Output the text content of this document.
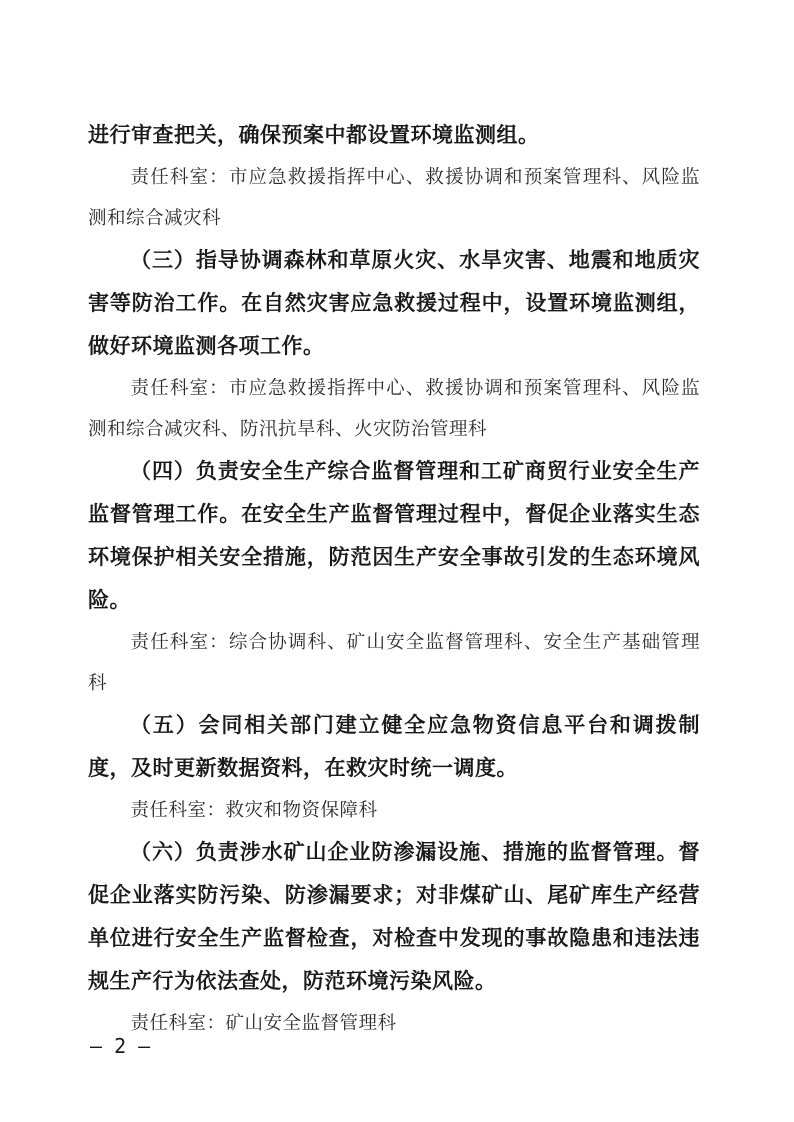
进行审查把关，确保预案中都设置环境监测组。

责任科室：市应急救援指挥中心、救援协调和预案管理科、风险监测和综合减灾科

（三）指导协调森林和草原火灾、水旱灾害、地震和地质灾害等防治工作。在自然灾害应急救援过程中，设置环境监测组，做好环境监测各项工作。

责任科室：市应急救援指挥中心、救援协调和预案管理科、风险监测和综合减灾科、防汛抗旱科、火灾防治管理科

（四）负责安全生产综合监督管理和工矿商贸行业安全生产监督管理工作。在安全生产监督管理过程中，督促企业落实生态环境保护相关安全措施，防范因生产安全事故引发的生态环境风险。

责任科室：综合协调科、矿山安全监督管理科、安全生产基础管理科

（五）会同相关部门建立健全应急物资信息平台和调拨制度，及时更新数据资料，在救灾时统一调度。

责任科室：救灾和物资保障科

（六）负责涉水矿山企业防渗漏设施、措施的监督管理。督促企业落实防污染、防渗漏要求；对非煤矿山、尾矿库生产经营单位进行安全生产监督检查，对检查中发现的事故隐患和违法违规生产行为依法查处，防范环境污染风险。

责任科室：矿山安全监督管理科

— 2 —
